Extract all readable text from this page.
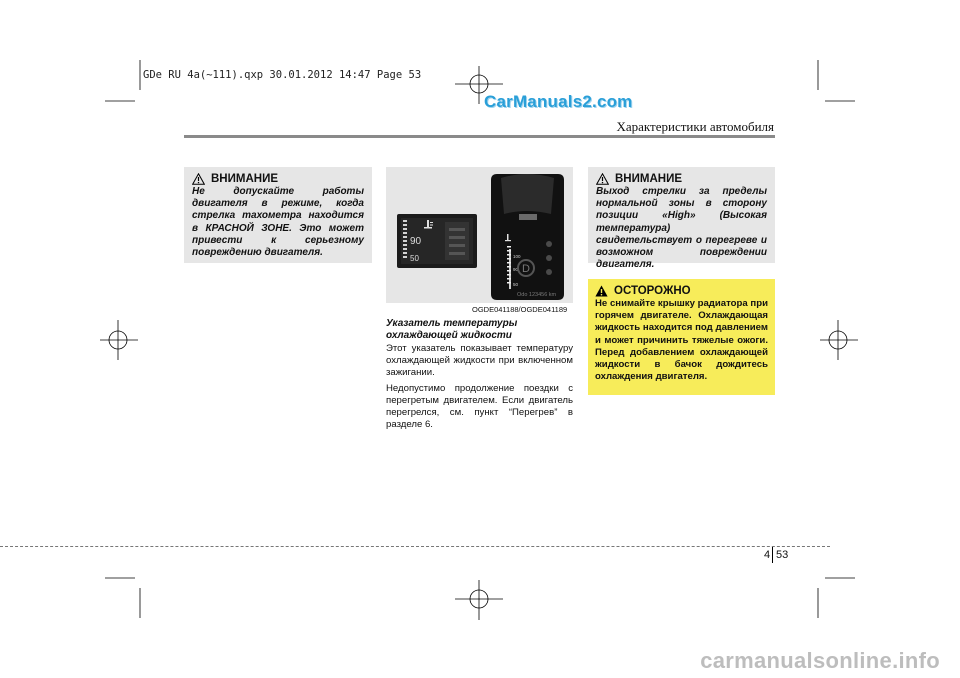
GDe RU 4a(~111).qxp 30.01.2012 14:47 Page 53
CarManuals2.com
Характеристики автомобиля
ВНИМАНИЕ
Не допускайте работы двигателя в режиме, когда стрелка тахометра находится в КРАСНОЙ ЗОНЕ. Это может привести к серьезному повреждению двигателя.
90
50	100
90
50
D
Odo 123456 km
OGDE041188/OGDE041189
Указатель температуры охлаждающей жидкости
Этот указатель показывает температуру охлаждающей жидкости при включенном зажигании.
Недопустимо продолжение поездки с перегретым двигателем. Если двигатель перегрелся, см. пункт “Перегрев” в разделе 6.
ВНИМАНИЕ
Выход стрелки за пределы нормальной зоны в сторону позиции «High» (Высокая температура) свидетельствует о перегреве и возможном повреждении двигателя.
ОСТОРОЖНО
Не снимайте крышку радиатора при горячем двигателе. Охлаждающая жидкость находится под давлением и может причинить тяжелые ожоги. Перед добавлением охлаждающей жидкости в бачок дождитесь охлаждения двигателя.
4 53
carmanualsonline.info
